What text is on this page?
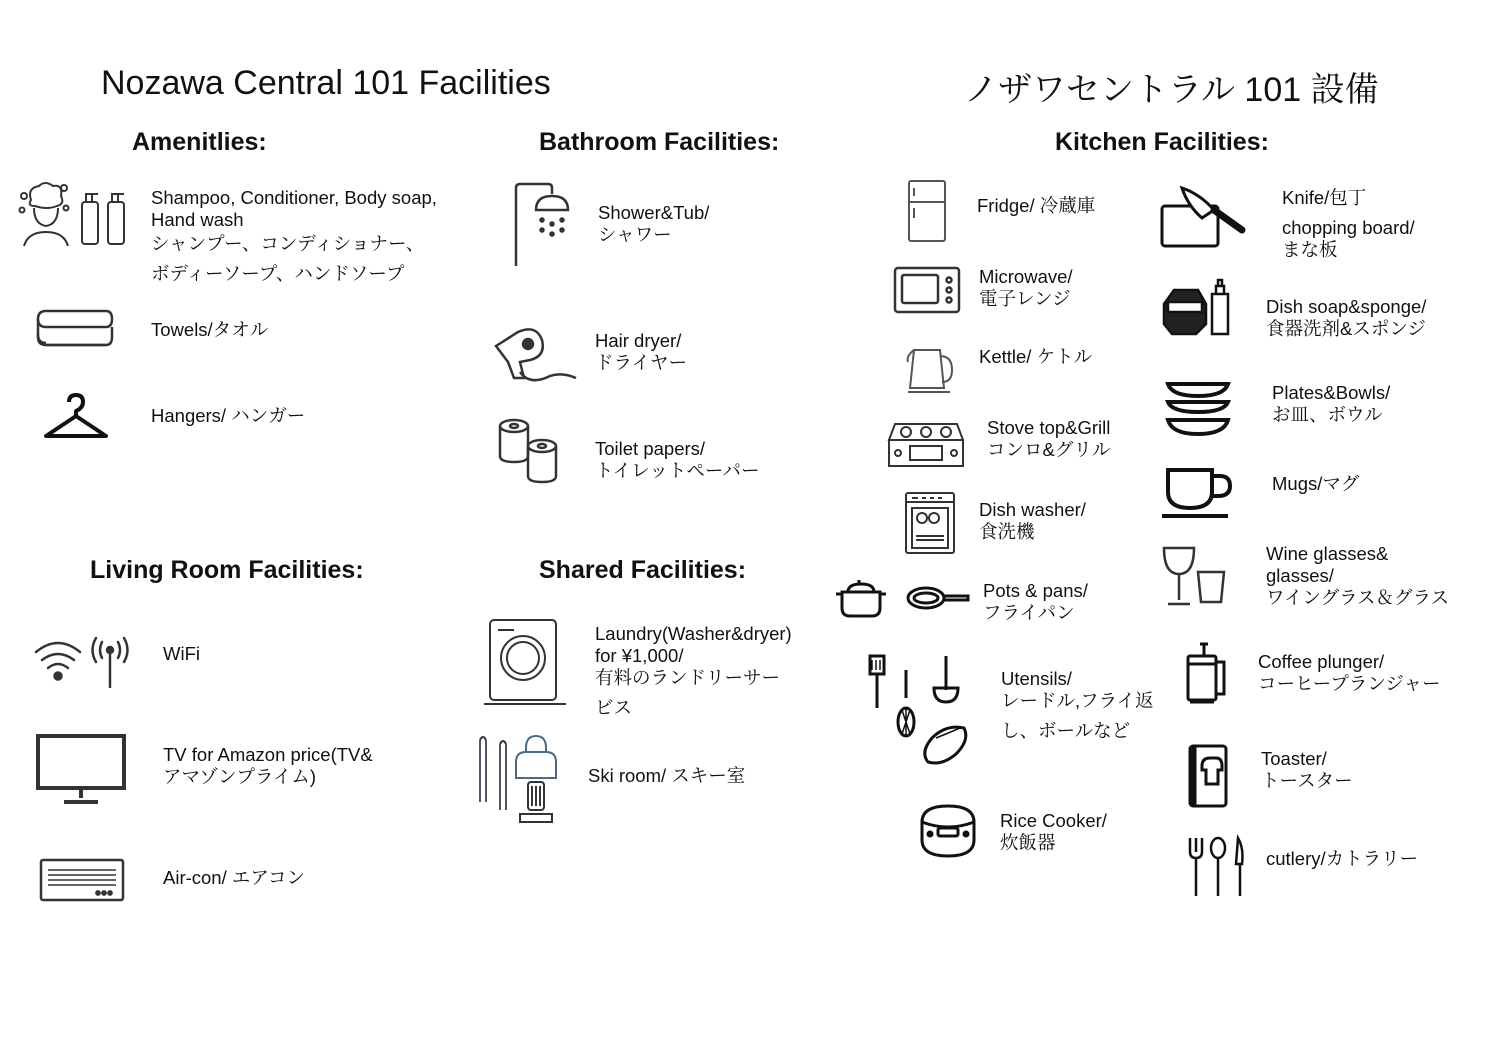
Nozawa Central 101 Facilities	ノザワセントラル 101 設備
Amenitlies:	Bathroom Facilities:	Kitchen Facilities:
Living Room Facilities:	Shared Facilities:
Shampoo, Conditioner, Body soap,
Hand wash
シャンプー、コンディショナー、
ボディーソープ、ハンドソープ
Towels/タオル
Hangers/ ハンガー
Shower&Tub/
シャワー
Hair dryer/
ドライヤー
Toilet papers/
トイレットペーパー
WiFi
TV for Amazon price(TV&
アマゾンプライム)
Air-con/ エアコン
Laundry(Washer&dryer)
for ¥1,000/
有料のランドリーサー
ビス
Ski room/ スキー室
Fridge/ 冷蔵庫
Microwave/
電子レンジ
Kettle/ ケトル
Stove top&Grill
コンロ&グリル
Dish washer/
食洗機
Pots & pans/
フライパン
Utensils/
レードル,フライ返
し、ボールなど
Rice Cooker/
炊飯器
Knife/包丁
chopping board/
まな板
Dish soap&sponge/
食器洗剤&スポンジ
Plates&Bowls/
お皿、ボウル
Mugs/マグ
Wine glasses&
glasses/
ワイングラス＆グラス
Coffee plunger/
コーヒープランジャー
Toaster/
トースター
cutlery/カトラリー
